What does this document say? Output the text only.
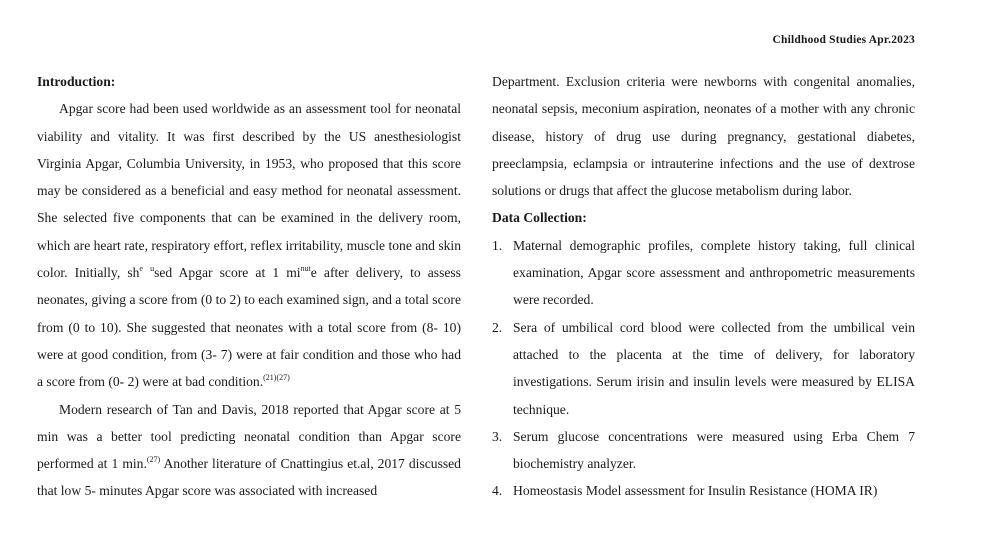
Childhood Studies Apr.2023
Introduction:

Apgar score had been used worldwide as an assessment tool for neonatal viability and vitality. It was first described by the US anesthesiologist Virginia Apgar, Columbia University, in 1953, who proposed that this score may be considered as a beneficial and easy method for neonatal assessment. She selected five components that can be examined in the delivery room, which are heart rate, respiratory effort, reflex irritability, muscle tone and skin color. Initially, $sh^e$ $^u$sed Apgar score at 1 $mi^{nut}e$ after delivery, to assess neonates, giving a score from (0 to 2) to each examined sign, and a total score from (0 to 10). She suggested that neonates with a total score from (8- 10) were at good condition, from (3- 7) were at fair condition and those who had a score from (0- 2) were at bad condition.$^{(21)(27)}$

Modern research of Tan and Davis, 2018 reported that Apgar score at 5 min was a better tool predicting neonatal condition than Apgar score performed at 1 min.$^{(27)}$ Another literature of Cnattingius et.al, 2017 discussed that low 5- minutes Apgar score was associated with increased

Department. Exclusion criteria were newborns with congenital anomalies, neonatal sepsis, meconium aspiration, neonates of a mother with any chronic disease, history of drug use during pregnancy, gestational diabetes, preeclampsia, eclampsia or intrauterine infections and the use of dextrose solutions or drugs that affect the glucose metabolism during labor.

Data Collection:
1. Maternal demographic profiles, complete history taking, full clinical examination, Apgar score assessment and anthropometric measurements were recorded.
2. Sera of umbilical cord blood were collected from the umbilical vein attached to the placenta at the time of delivery, for laboratory investigations. Serum irisin and insulin levels were measured by ELISA technique.
3. Serum glucose concentrations were measured using Erba Chem 7 biochemistry analyzer.
4. Homeostasis Model assessment for Insulin Resistance (HOMA IR)
